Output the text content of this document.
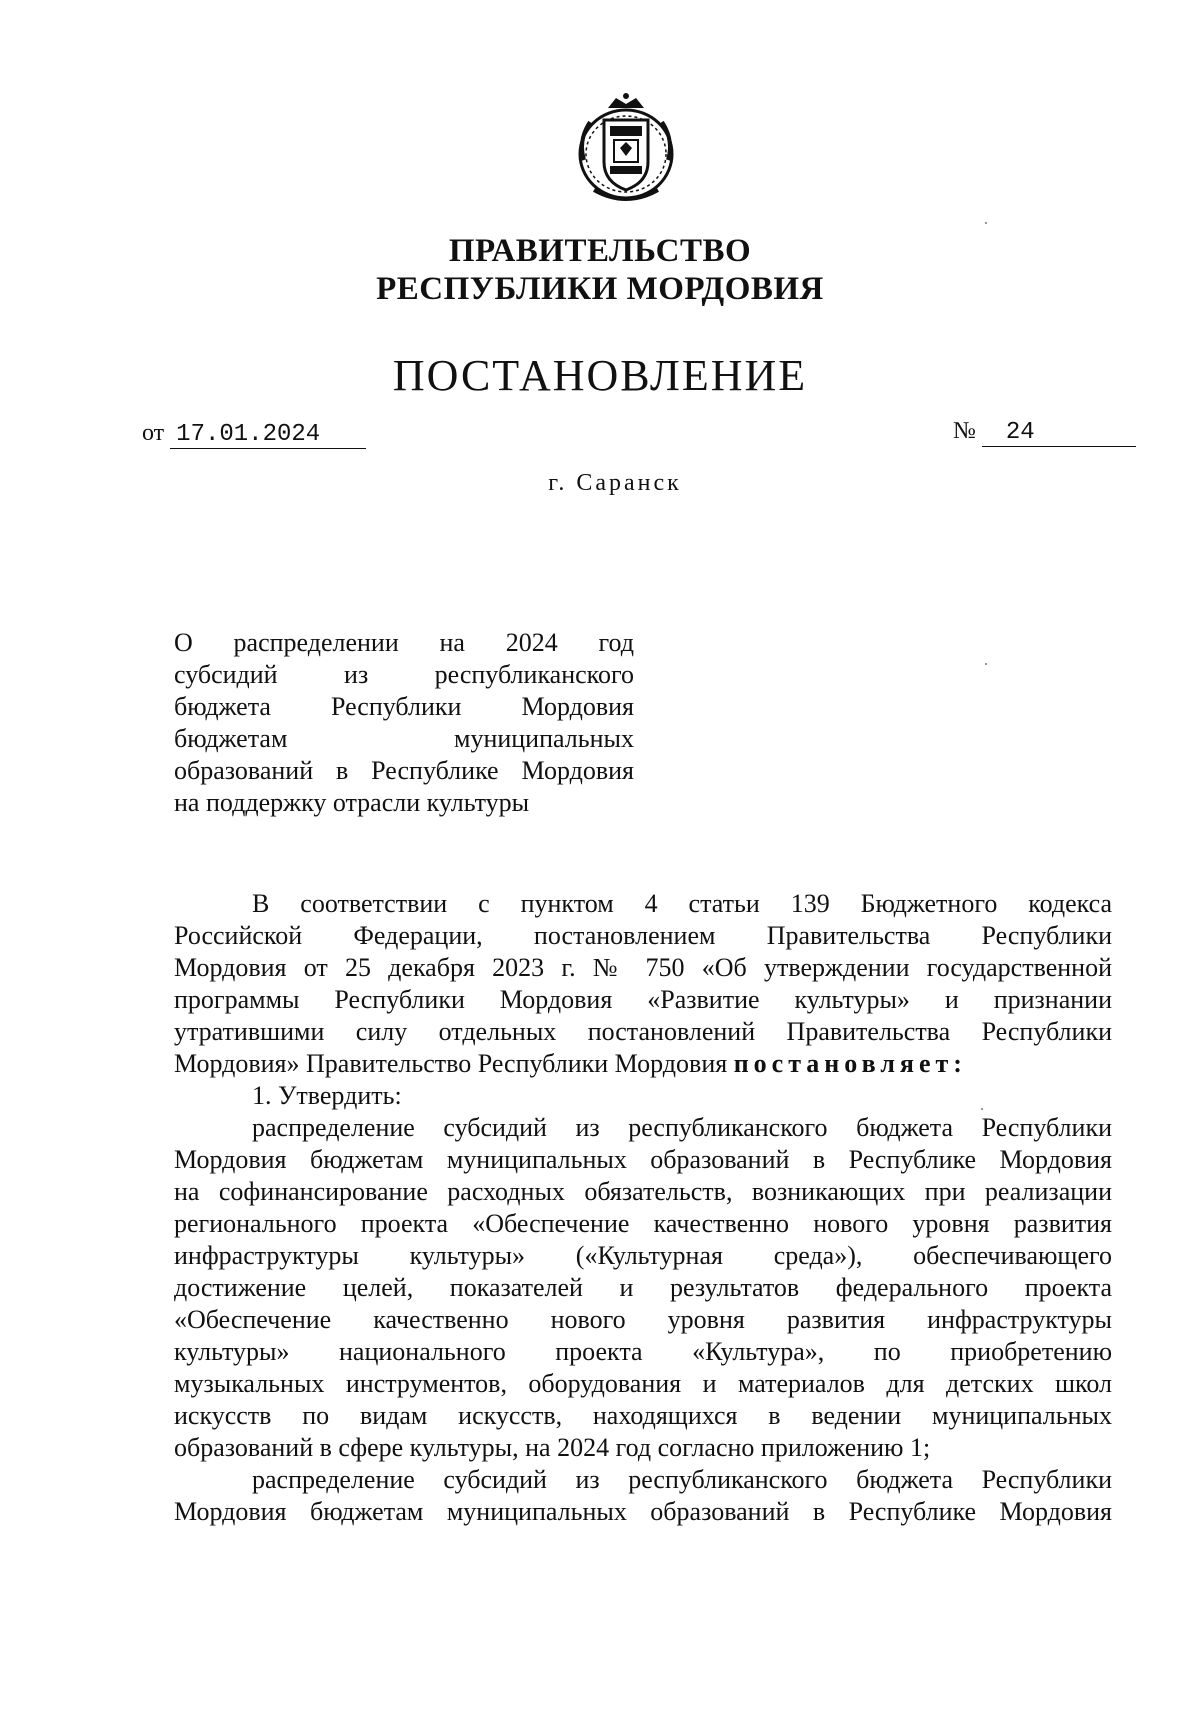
ПРАВИТЕЛЬСТВО
РЕСПУБЛИКИ МОРДОВИЯ
ПОСТАНОВЛЕНИЕ
от 17.01.2024	№ 24
г. Саранск
О распределении на 2024 год
субсидий из республиканского
бюджета Республики Мордовия
бюджетам муниципальных
образований в Республике Мордовия
на поддержку отрасли культуры
В соответствии с пунктом 4 статьи 139 Бюджетного кодекса
Российской Федерации, постановлением Правительства Республики
Мордовия от 25 декабря 2023 г. № 750 «Об утверждении государственной
программы Республики Мордовия «Развитие культуры» и признании
утратившими силу отдельных постановлений Правительства Республики
Мордовия» Правительство Республики Мордовия постановляет:
1. Утвердить:
распределение субсидий из республиканского бюджета Республики
Мордовия бюджетам муниципальных образований в Республике Мордовия
на софинансирование расходных обязательств, возникающих при реализации
регионального проекта «Обеспечение качественно нового уровня развития
инфраструктуры культуры» («Культурная среда»), обеспечивающего
достижение целей, показателей и результатов федерального проекта
«Обеспечение качественно нового уровня развития инфраструктуры
культуры» национального проекта «Культура», по приобретению
музыкальных инструментов, оборудования и материалов для детских школ
искусств по видам искусств, находящихся в ведении муниципальных
образований в сфере культуры, на 2024 год согласно приложению 1;
распределение субсидий из республиканского бюджета Республики
Мордовия бюджетам муниципальных образований в Республике Мордовия
